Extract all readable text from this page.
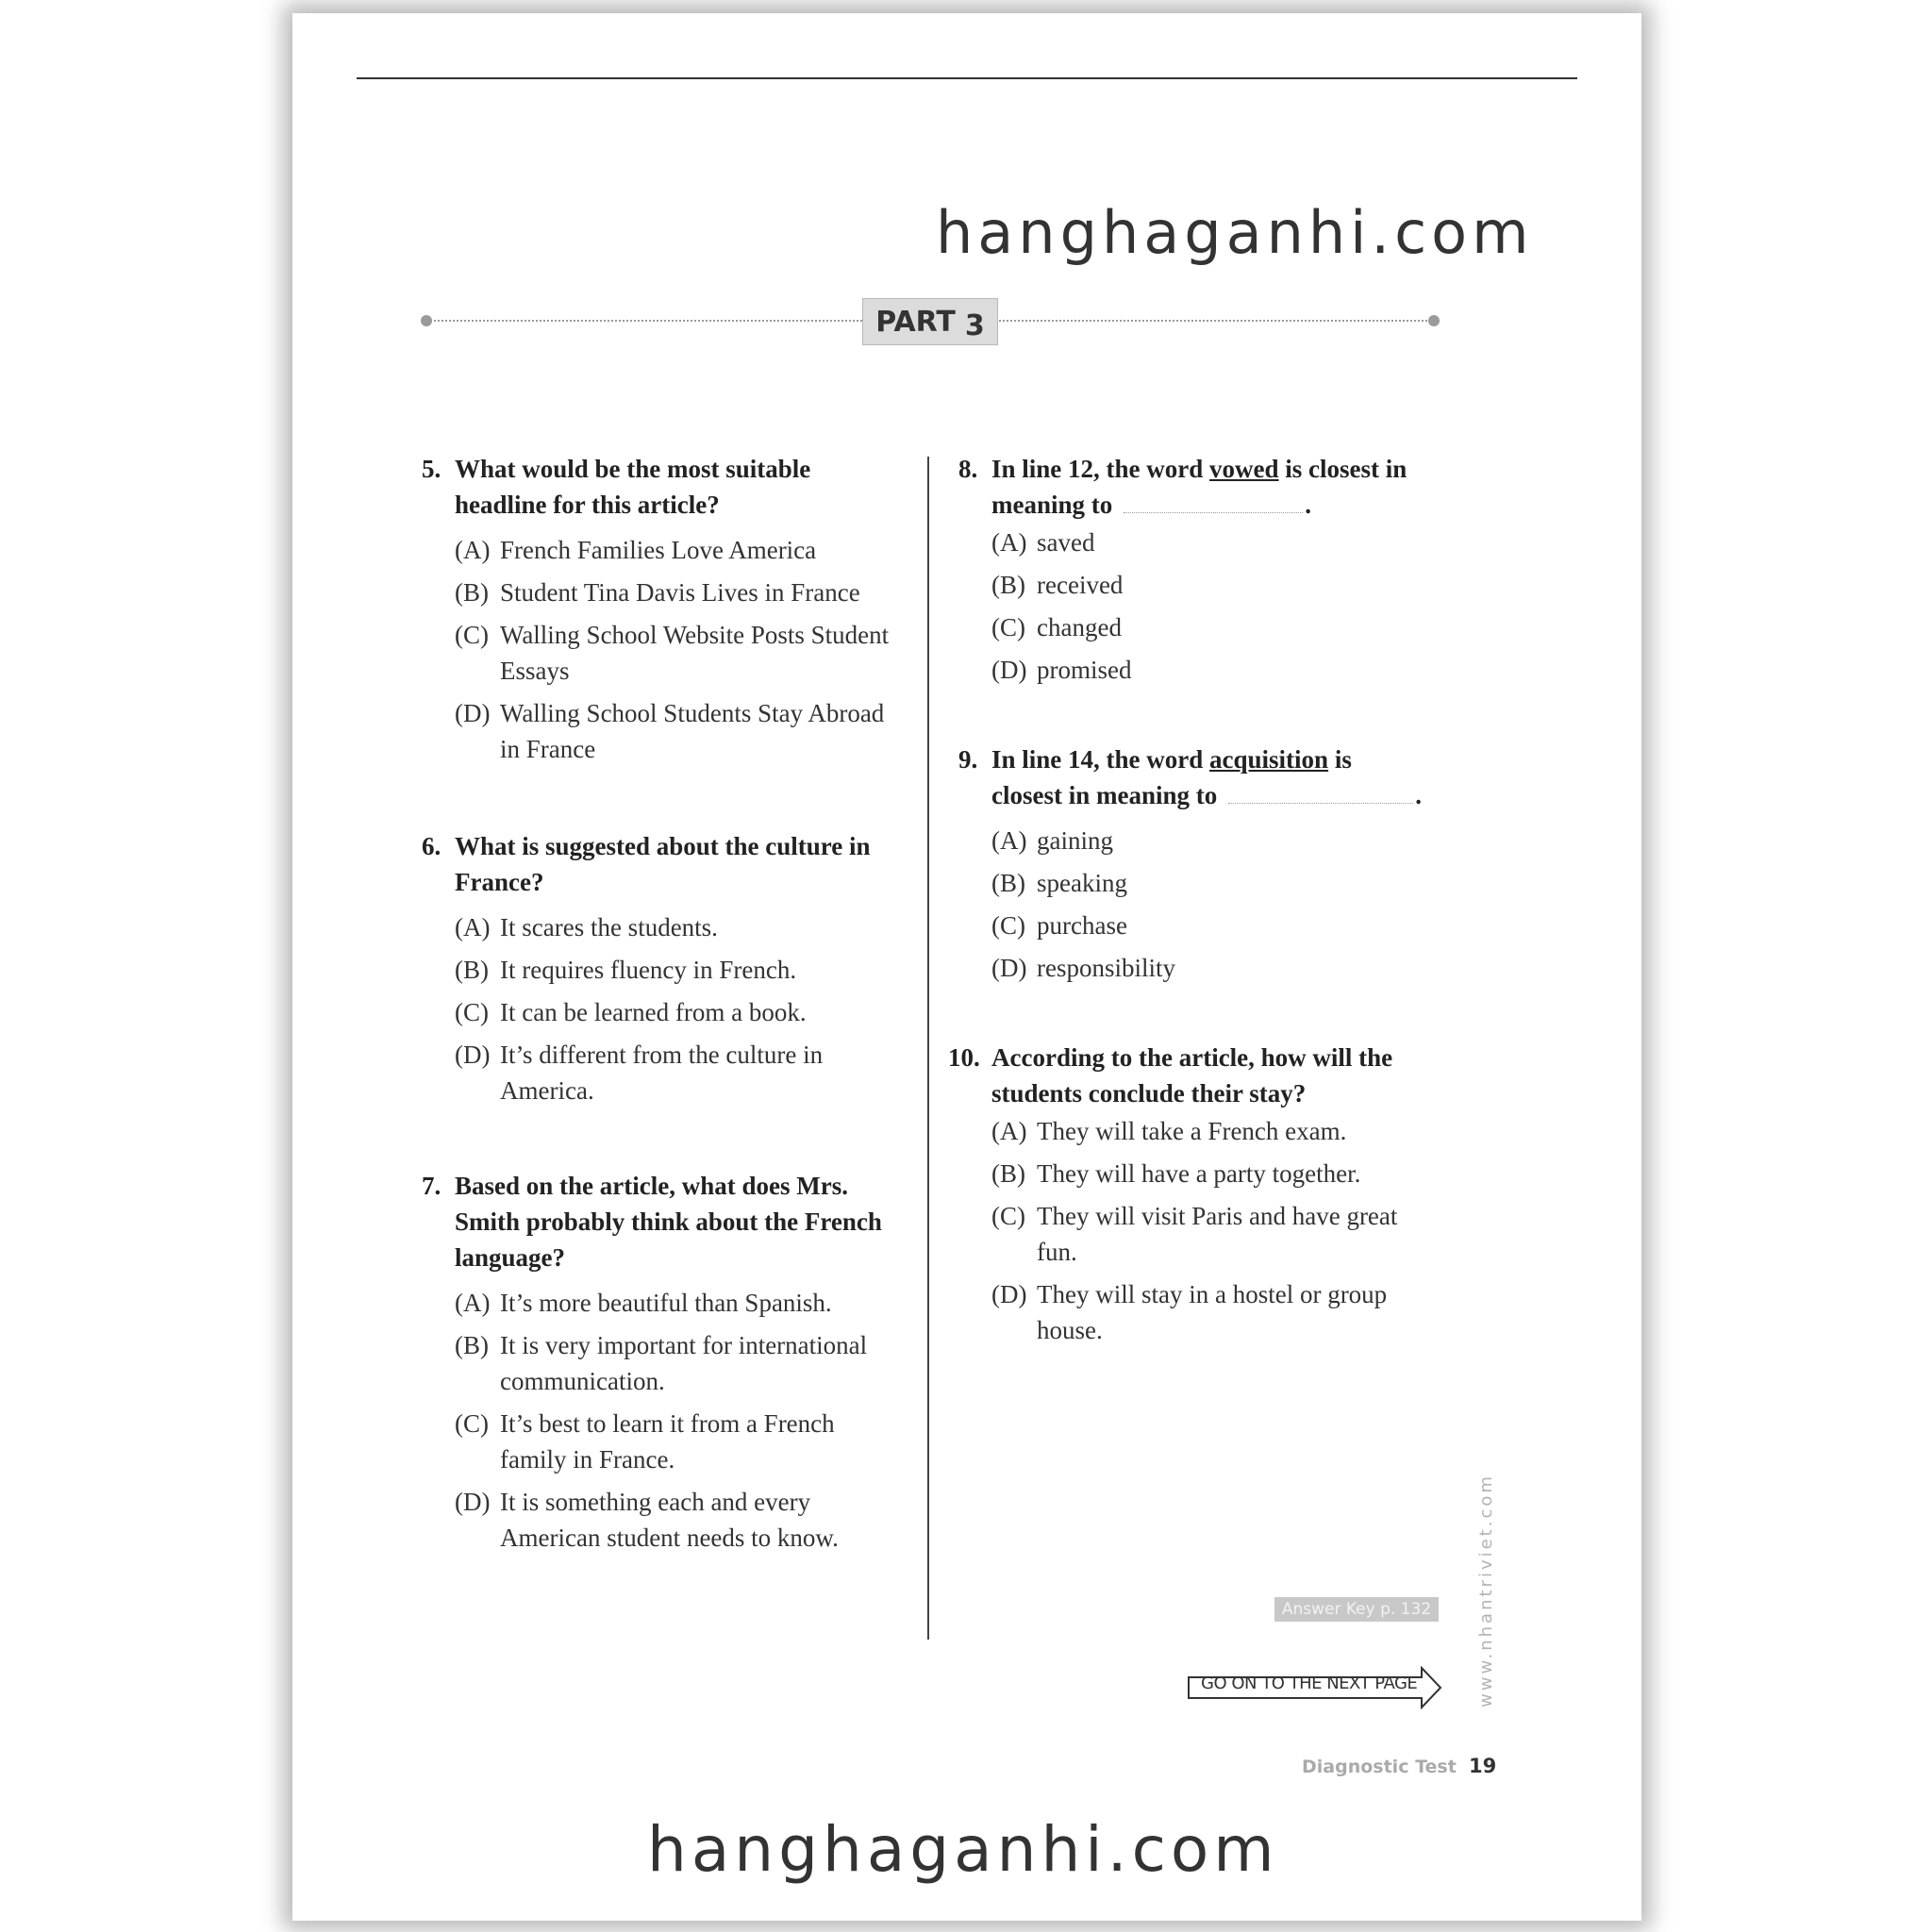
hanghaganhi.com
PART 3
5. What would be the most suitable
headline for this article?
(A) French Families Love America
(B) Student Tina Davis Lives in France
(C) Walling School Website Posts Student
Essays
(D) Walling School Students Stay Abroad
in France
6. What is suggested about the culture in
France?
(A) It scares the students.
(B) It requires fluency in French.
(C) It can be learned from a book.
(D) It’s different from the culture in
America.
7. Based on the article, what does Mrs.
Smith probably think about the French
language?
(A) It’s more beautiful than Spanish.
(B) It is very important for international
communication.
(C) It’s best to learn it from a French
family in France.
(D) It is something each and every
American student needs to know.
8. In line 12, the word vowed is closest in
meaning to	.
(A) saved
(B) received
(C) changed
(D) promised
9. In line 14, the word acquisition is
closest in meaning to	.
(A) gaining
(B) speaking
(C) purchase
(D) responsibility
10. According to the article, how will the
students conclude their stay?
(A) They will take a French exam.
(B) They will have a party together.
(C) They will visit Paris and have great
fun.
(D) They will stay in a hostel or group
house.
Answer Key p. 132	www.nhantriviet.com
GO ON TO THE NEXT PAGE
Diagnostic Test 19
hanghaganhi.com
